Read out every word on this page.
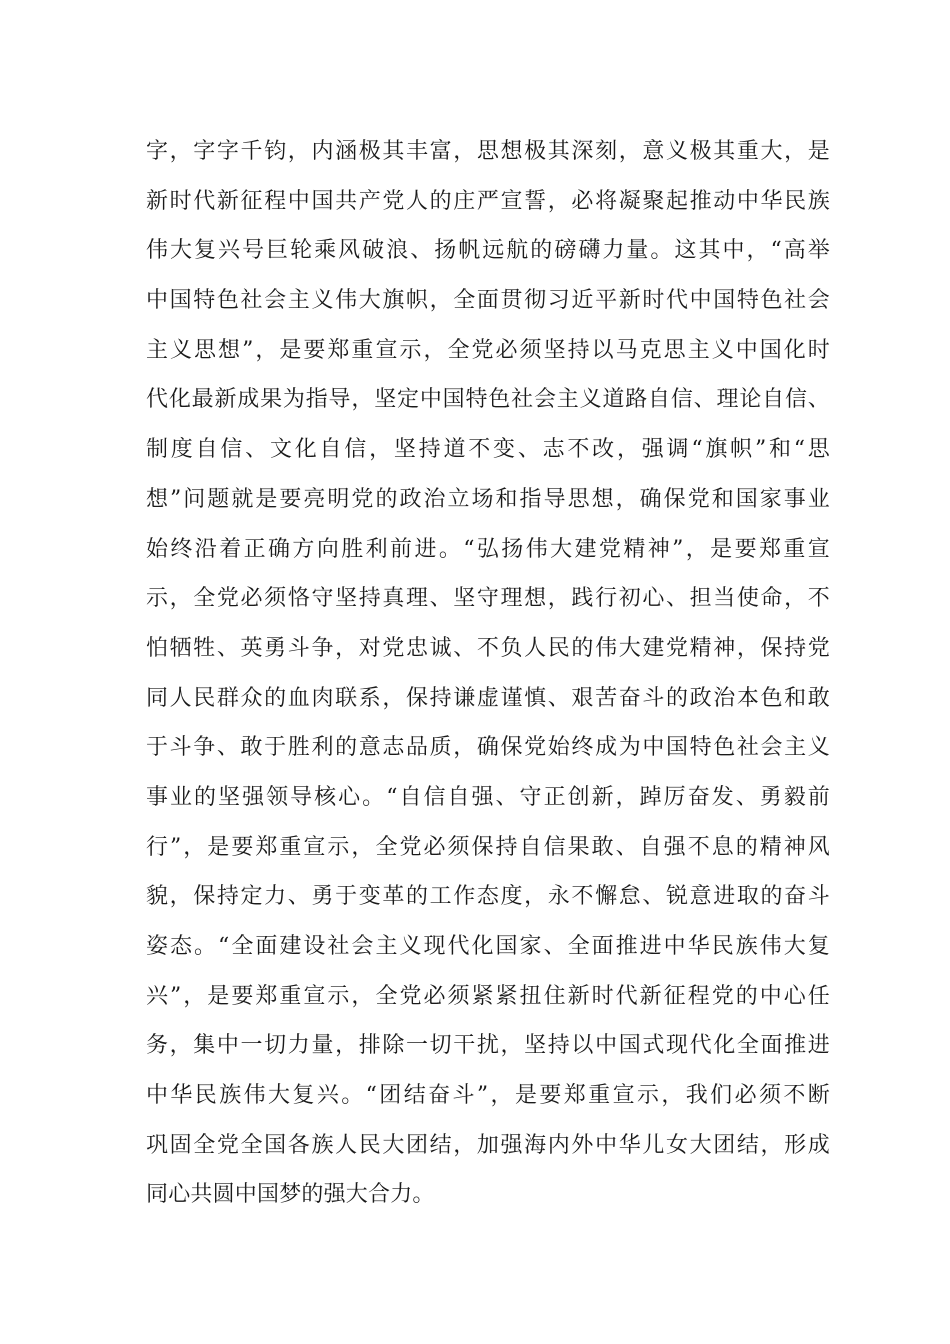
字，字字千钧，内涵极其丰富，思想极其深刻，意义极其重大，是
新时代新征程中国共产党人的庄严宣誓，必将凝聚起推动中华民族
伟大复兴号巨轮乘风破浪、扬帆远航的磅礴力量。这其中，“高举
中国特色社会主义伟大旗帜，全面贯彻习近平新时代中国特色社会
主义思想”，是要郑重宣示，全党必须坚持以马克思主义中国化时
代化最新成果为指导，坚定中国特色社会主义道路自信、理论自信、
制度自信、文化自信，坚持道不变、志不改，强调“旗帜”和“思
想”问题就是要亮明党的政治立场和指导思想，确保党和国家事业
始终沿着正确方向胜利前进。“弘扬伟大建党精神”，是要郑重宣
示，全党必须恪守坚持真理、坚守理想，践行初心、担当使命，不
怕牺牲、英勇斗争，对党忠诚、不负人民的伟大建党精神，保持党
同人民群众的血肉联系，保持谦虚谨慎、艰苦奋斗的政治本色和敢
于斗争、敢于胜利的意志品质，确保党始终成为中国特色社会主义
事业的坚强领导核心。“自信自强、守正创新，踔厉奋发、勇毅前
行”，是要郑重宣示，全党必须保持自信果敢、自强不息的精神风
貌，保持定力、勇于变革的工作态度，永不懈怠、锐意进取的奋斗
姿态。“全面建设社会主义现代化国家、全面推进中华民族伟大复
兴”，是要郑重宣示，全党必须紧紧扭住新时代新征程党的中心任
务，集中一切力量，排除一切干扰，坚持以中国式现代化全面推进
中华民族伟大复兴。“团结奋斗”，是要郑重宣示，我们必须不断
巩固全党全国各族人民大团结，加强海内外中华儿女大团结，形成
同心共圆中国梦的强大合力。
